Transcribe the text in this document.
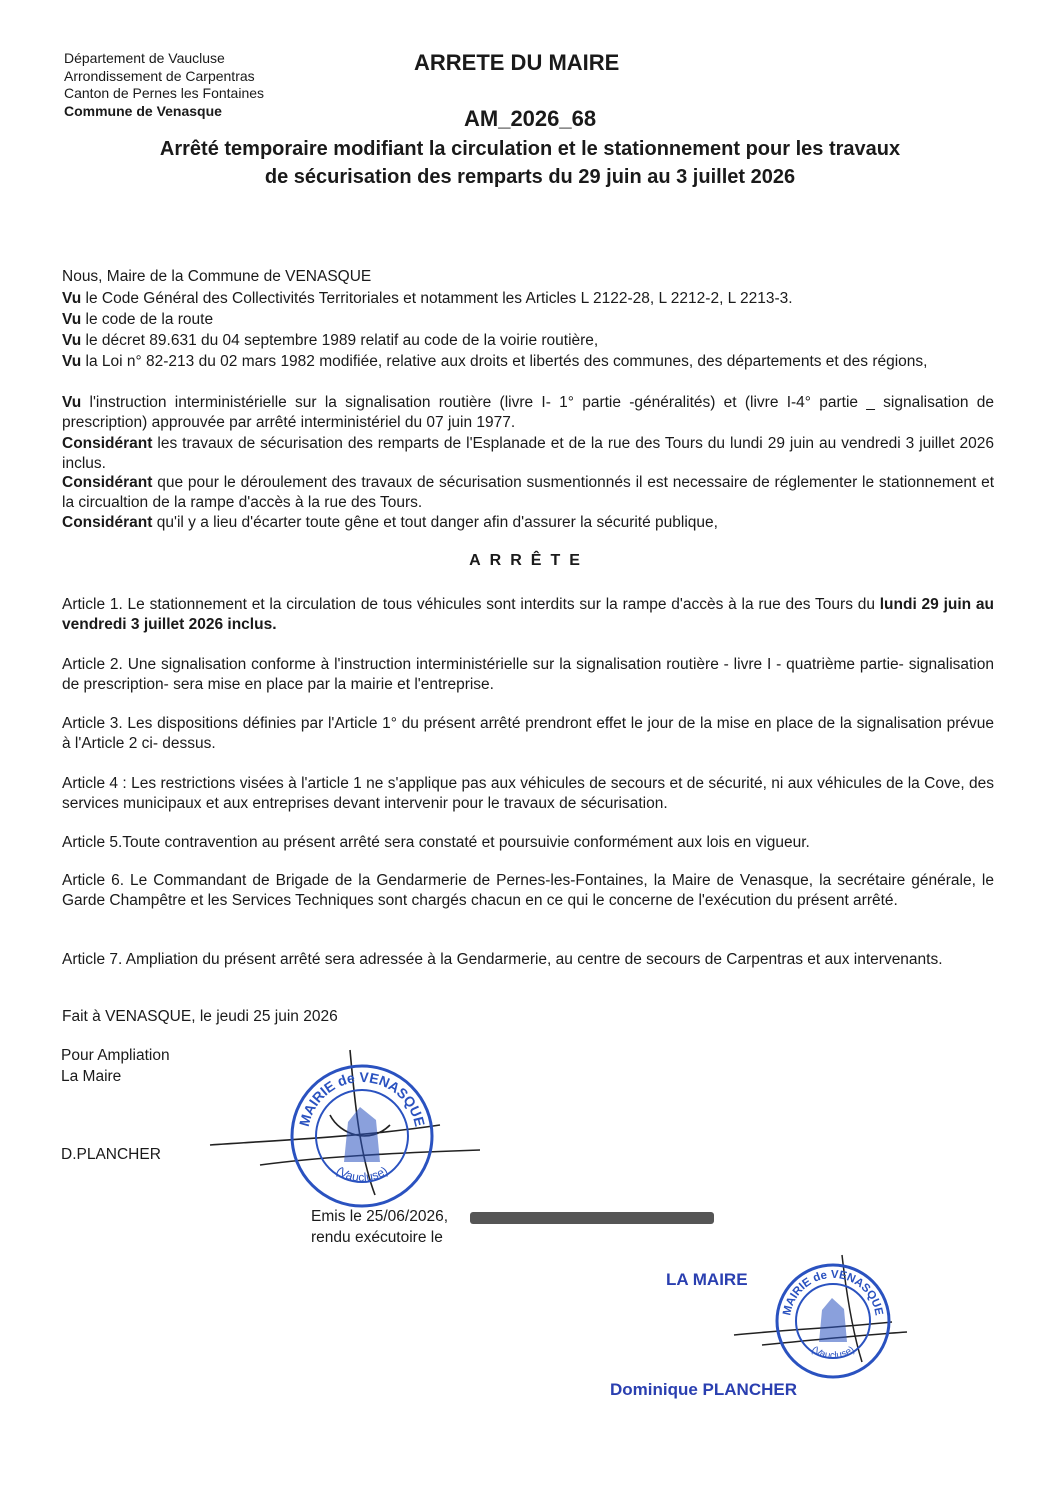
Département de Vaucluse
Arrondissement de Carpentras
Canton de Pernes les Fontaines
Commune de Venasque
ARRETE DU MAIRE
AM_2026_68
Arrêté temporaire modifiant la circulation et le stationnement pour les travaux
de sécurisation des remparts du 29 juin au 3 juillet 2026
Nous, Maire de la Commune de VENASQUE
Vu le Code Général des Collectivités Territoriales et notamment les Articles L 2122-28, L 2212-2, L 2213-3.
Vu le code de la route
Vu le décret 89.631 du 04 septembre 1989 relatif au code de la voirie routière,
Vu la Loi n° 82-213 du 02 mars 1982 modifiée, relative aux droits et libertés des communes, des départements et des régions,
Vu l'instruction interministérielle sur la signalisation routière (livre I- 1° partie -généralités) et (livre I-4° partie _ signalisation de prescription) approuvée par arrêté interministériel du 07 juin 1977.
Considérant les travaux de sécurisation des remparts de l'Esplanade et de la rue des Tours du lundi 29 juin au vendredi 3 juillet 2026 inclus.
Considérant que pour le déroulement des travaux de sécurisation susmentionnés il est necessaire de réglementer le stationnement et la circualtion de la rampe d'accès à la rue des Tours.
Considérant qu'il y a lieu d'écarter toute gêne et tout danger afin d'assurer la sécurité publique,
ARRÊTE
Article 1. Le stationnement et la circulation de tous véhicules sont interdits sur la rampe d'accès à la rue des Tours du lundi 29 juin au vendredi 3 juillet 2026 inclus.
Article 2. Une signalisation conforme à l'instruction interministérielle sur la signalisation routière - livre I - quatrième partie- signalisation de prescription- sera mise en place par la mairie et l'entreprise.
Article 3. Les dispositions définies par l'Article 1° du présent arrêté prendront effet le jour de la mise en place de la signalisation prévue à l'Article 2 ci- dessus.
Article 4 : Les restrictions visées à l'article 1 ne s'applique pas aux véhicules de secours et de sécurité, ni aux véhicules de la Cove, des services municipaux et aux entreprises devant intervenir pour le travaux de sécurisation.
Article 5.Toute contravention au présent arrêté sera constaté et poursuivie conformément aux lois en vigueur.
Article 6. Le Commandant de Brigade de la Gendarmerie de Pernes-les-Fontaines, la Maire de Venasque, la secrétaire générale, le Garde Champêtre et les Services Techniques sont chargés chacun en ce qui le concerne de l'exécution du présent arrêté.
Article 7. Ampliation du présent arrêté sera adressée à la Gendarmerie, au centre de secours de Carpentras et aux intervenants.
Fait à VENASQUE, le jeudi 25 juin 2026
Pour Ampliation
La Maire
D.PLANCHER
MAIRIE de VENASQUE
(Vaucluse)
Emis le 25/06/2026,
rendu exécutoire le
LA MAIRE
MAIRIE de VENASQUE
(Vaucluse)
Dominique PLANCHER
